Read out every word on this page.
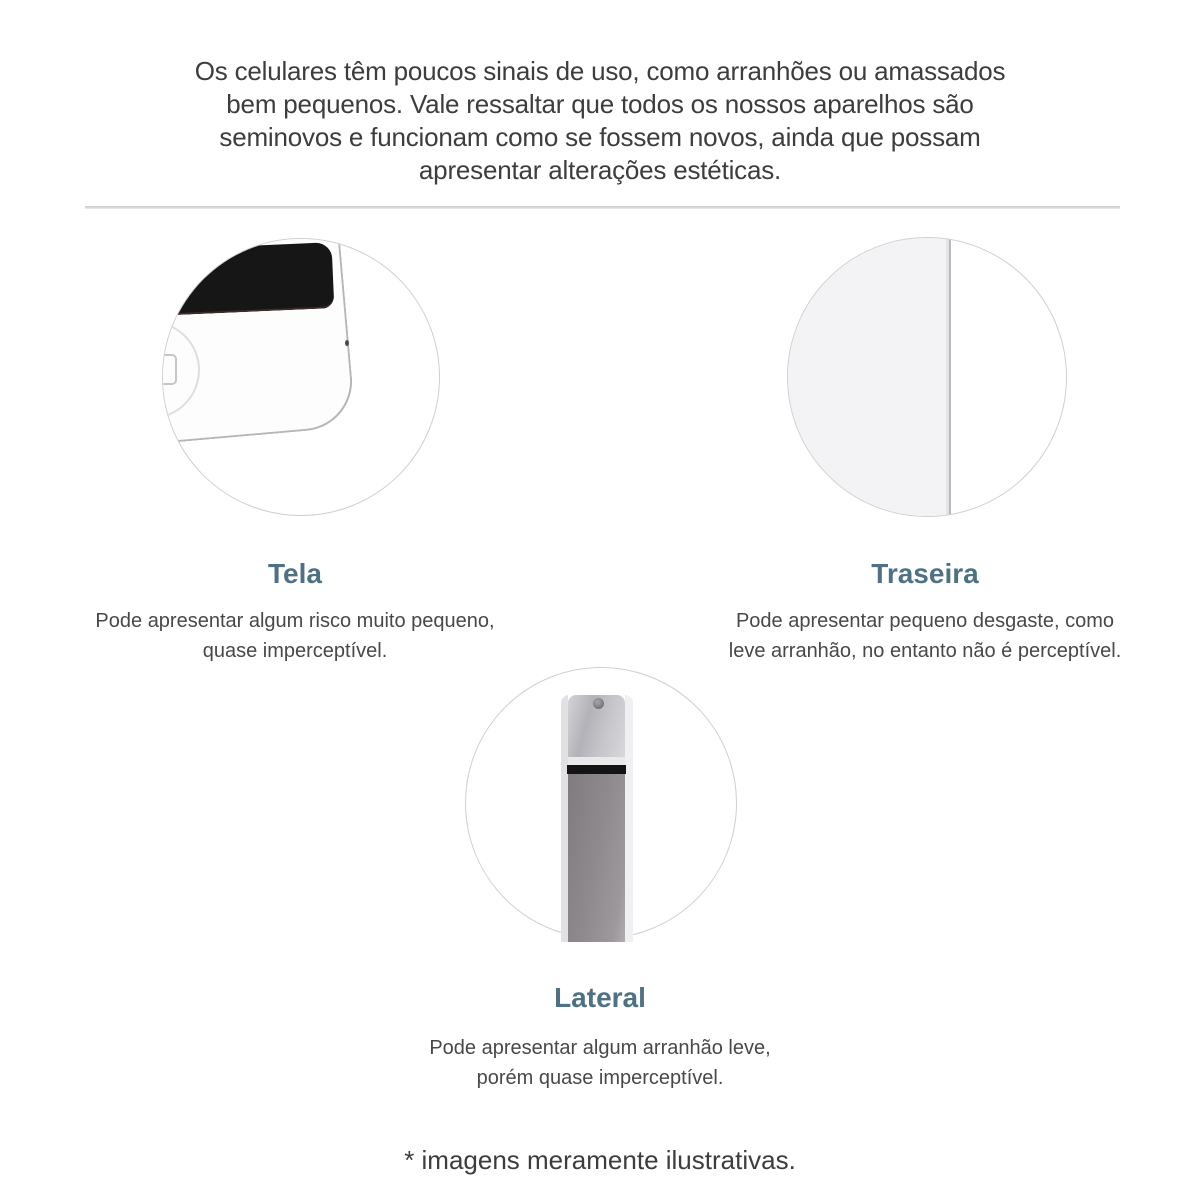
Os celulares têm poucos sinais de uso, como arranhões ou amassados
bem pequenos. Vale ressaltar que todos os nossos aparelhos são
seminovos e funcionam como se fossem novos, ainda que possam
apresentar alterações estéticas.
Tela	Traseira
Lateral
Pode apresentar algum risco muito pequeno,
quase imperceptível.
Pode apresentar pequeno desgaste, como
leve arranhão, no entanto não é perceptível.
Pode apresentar algum arranhão leve,
porém quase imperceptível.
* imagens meramente ilustrativas.
